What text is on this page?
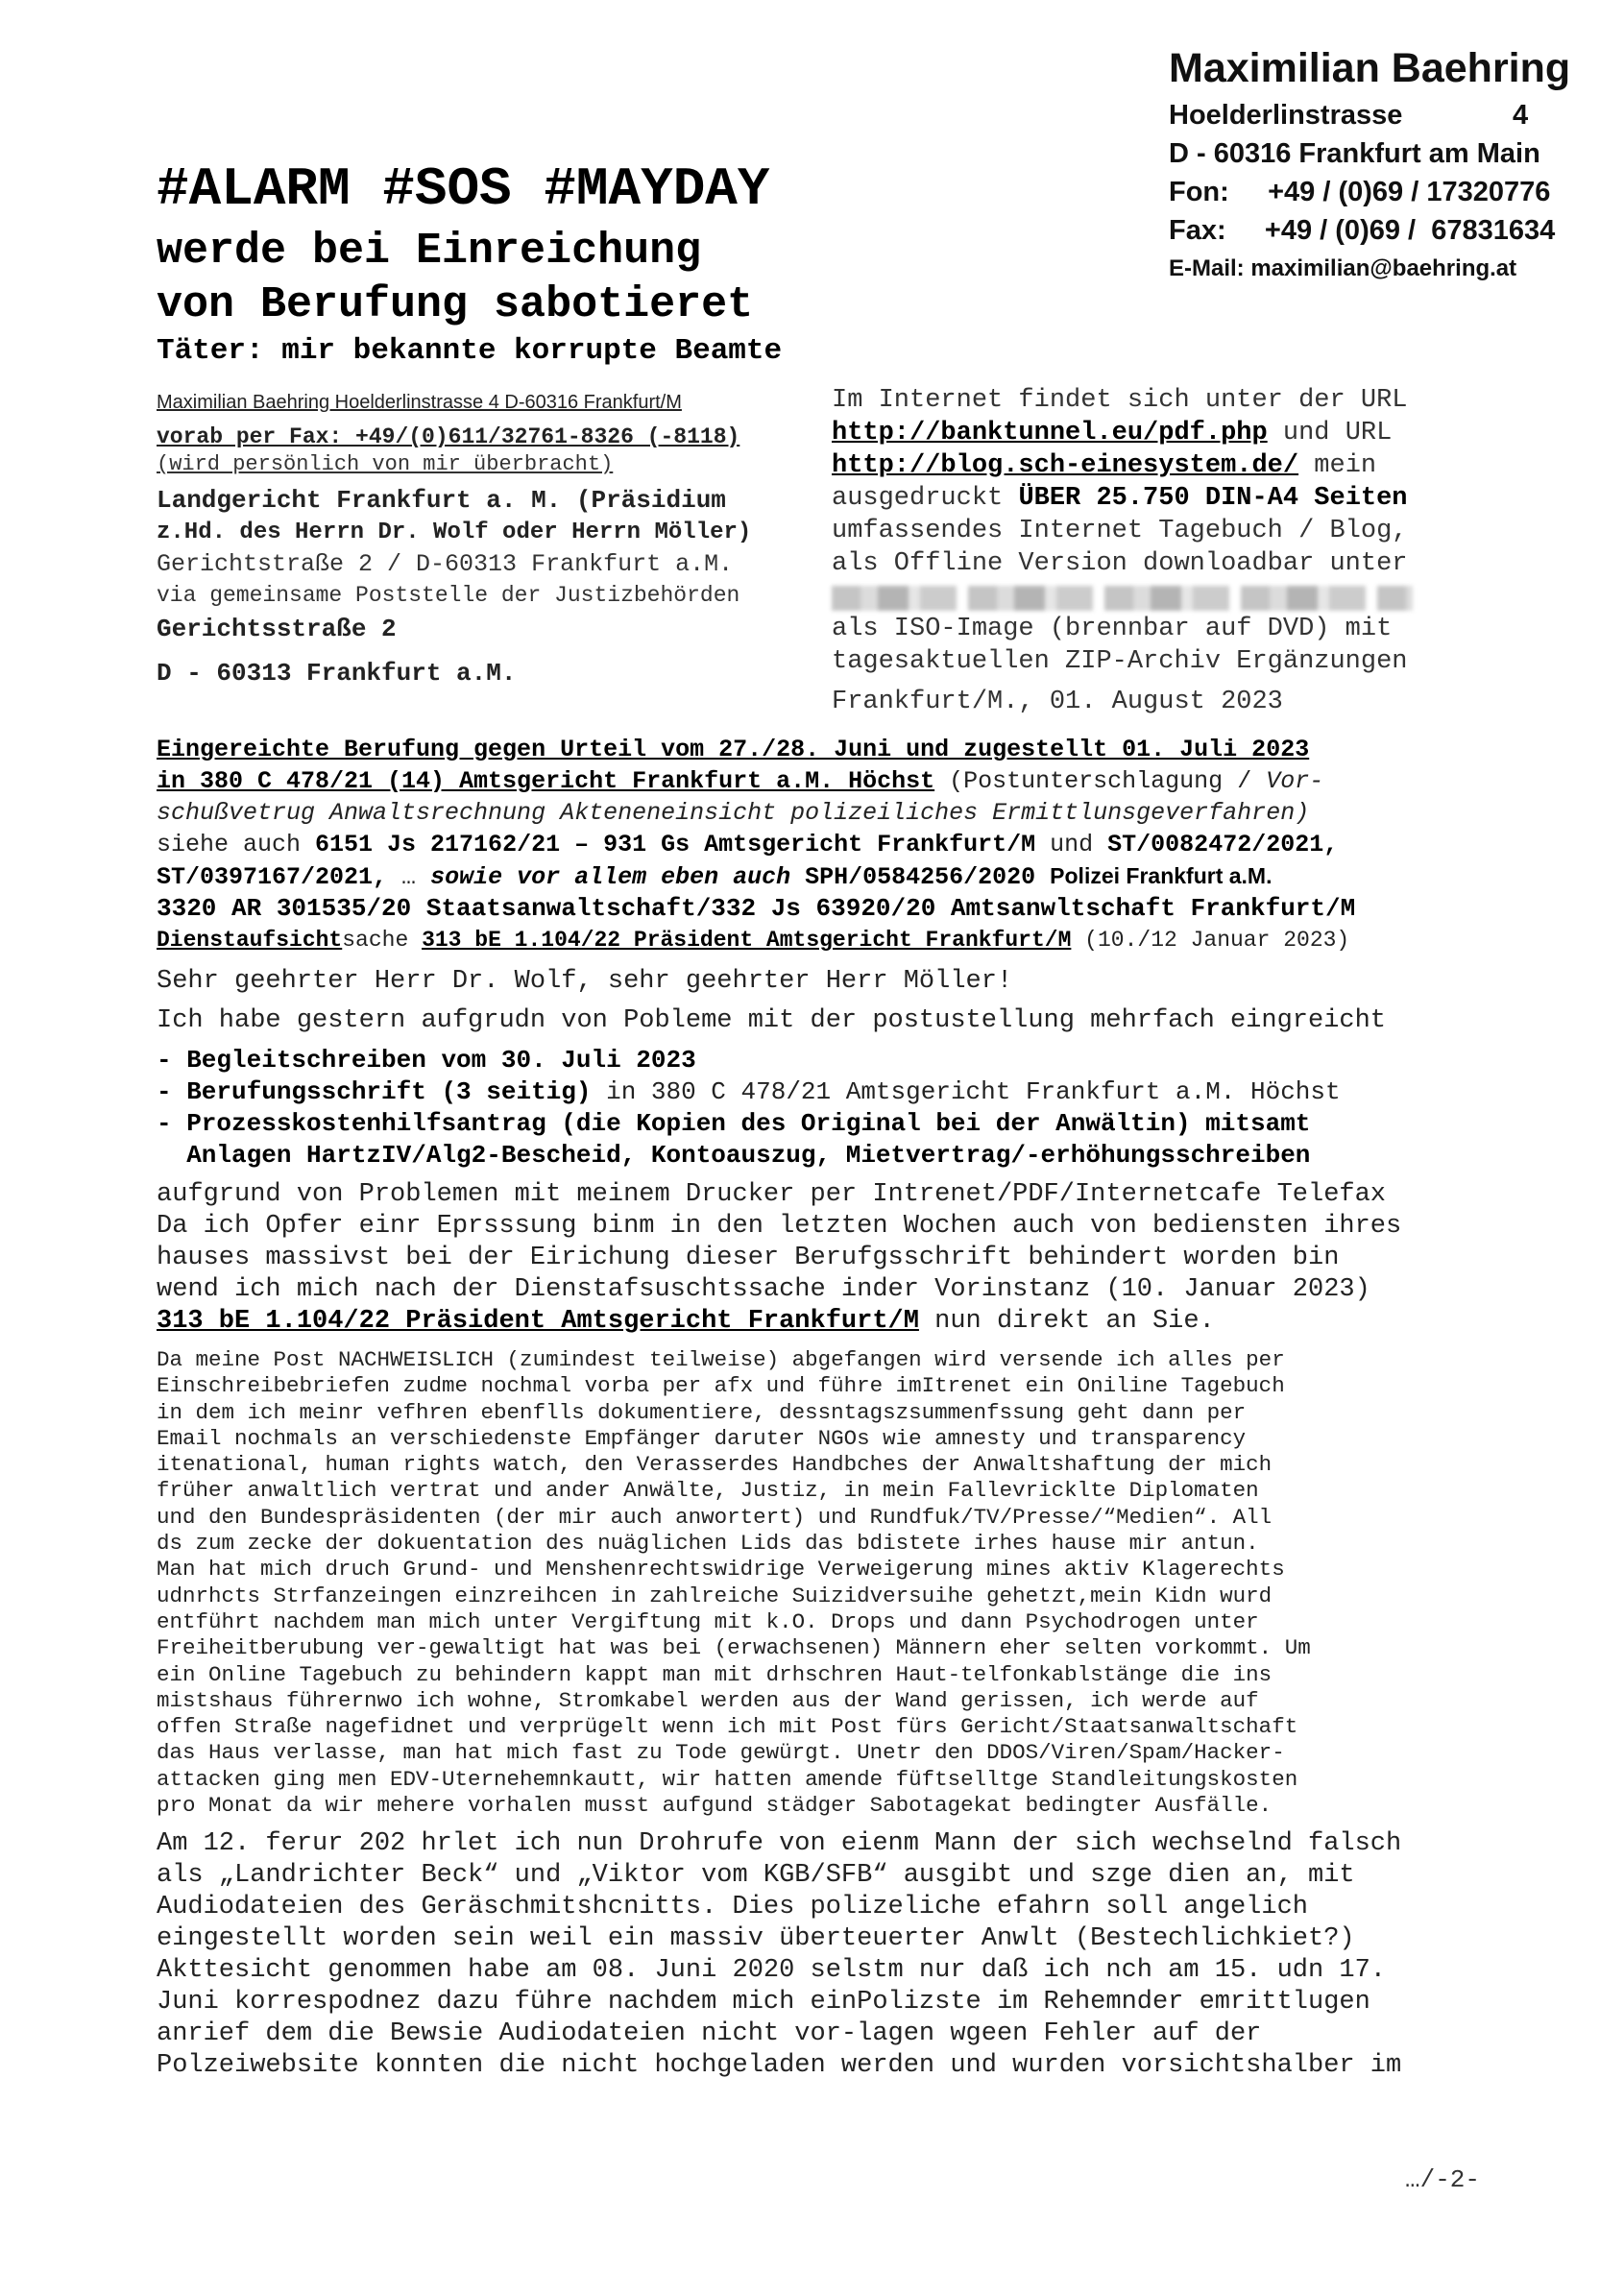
Maximilian Baehring
Hoelderlinstrasse	4
D - 60316 Frankfurt am Main
Fon:     +49 / (0)69 / 17320776
Fax:     +49 / (0)69 /  67831634
E-Mail: maximilian@baehring.at
#ALARM #SOS #MAYDAY
werde bei Einreichung
von Berufung sabotieret
Täter: mir bekannte korrupte Beamte
Maximilian Baehring Hoelderlinstrasse 4 D-60316 Frankfurt/M
vorab per Fax: +49/(0)611/32761-8326 (-8118)
(wird persönlich von mir überbracht)
Landgericht Frankfurt a. M. (Präsidium
z.Hd. des Herrn Dr. Wolf oder Herrn Möller)
Gerichtstraße 2 / D-60313 Frankfurt a.M.
via gemeinsame Poststelle der Justizbehörden
Gerichtsstraße 2
D - 60313 Frankfurt a.M.
Im Internet findet sich unter der URL
http://banktunnel.eu/pdf.php und URL
http://blog.sch-einesystem.de/ mein
ausgedruckt ÜBER 25.750 DIN-A4 Seiten
umfassendes Internet Tagebuch / Blog,
als Offline Version downloadbar unter
als ISO-Image (brennbar auf DVD) mit
tagesaktuellen ZIP-Archiv Ergänzungen
Frankfurt/M., 01. August 2023
Eingereichte Berufung gegen Urteil vom 27./28. Juni und zugestellt 01. Juli 2023
in 380 C 478/21 (14) Amtsgericht Frankfurt a.M. Höchst (Postunterschlagung / Vor-
schußvetrug Anwaltsrechnung Akteneneinsicht polizeiliches Ermittlunsgeverfahren)
siehe auch 6151 Js 217162/21 – 931 Gs Amtsgericht Frankfurt/M und ST/0082472/2021,
ST/0397167/2021, … sowie vor allem eben auch SPH/0584256/2020 Polizei Frankfurt a.M.
3320 AR 301535/20 Staatsanwaltschaft/332 Js 63920/20 Amtsanwltschaft Frankfurt/M
Dienstaufsichtsache 313 bE 1.104/22 Präsident Amtsgericht Frankfurt/M (10./12 Januar 2023)
Sehr geehrter Herr Dr. Wolf, sehr geehrter Herr Möller!
Ich habe gestern aufgrudn von Pobleme mit der postustellung mehrfach eingreicht
- Begleitschreiben vom 30. Juli 2023
- Berufungsschrift (3 seitig) in 380 C 478/21 Amtsgericht Frankfurt a.M. Höchst
- Prozesskostenhilfsantrag (die Kopien des Original bei der Anwältin) mitsamt
Anlagen HartzIV/Alg2-Bescheid, Kontoauszug, Mietvertrag/-erhöhungsschreiben
aufgrund von Problemen mit meinem Drucker per Intrenet/PDF/Internetcafe Telefax
Da ich Opfer einr Eprsssung binm in den letzten Wochen auch von bediensten ihres
hauses massivst bei der Eirichung dieser Berufgsschrift behindert worden bin
wend ich mich nach der Dienstafsuschtssache inder Vorinstanz (10. Januar 2023)
313 bE 1.104/22 Präsident Amtsgericht Frankfurt/M nun direkt an Sie.
Da meine Post NACHWEISLICH (zumindest teilweise) abgefangen wird versende ich alles per
Einschreibebriefen zudme nochmal vorba per afx und führe imItrenet ein Oniline Tagebuch
in dem ich meinr vefhren ebenflls dokumentiere, dessntagszsummenfssung geht dann per
Email nochmals an verschiedenste Empfänger daruter NGOs wie amnesty und transparency
itenational, human rights watch, den Verasserdes Handbches der Anwaltshaftung der mich
früher anwaltlich vertrat und ander Anwälte, Justiz, in mein Fallevricklte Diplomaten
und den Bundespräsidenten (der mir auch anwortert) und Rundfuk/TV/Presse/“Medien“. All
ds zum zecke der dokuentation des nuäglichen Lids das bdistete irhes hause mir antun.
Man hat mich druch Grund- und Menshenrechtswidrige Verweigerung mines aktiv Klagerechts
udnrhcts Strfanzeingen einzreihcen in zahlreiche Suizidversuihe gehetzt,mein Kidn wurd
entführt nachdem man mich unter Vergiftung mit k.O. Drops und dann Psychodrogen unter
Freiheitberubung ver-gewaltigt hat was bei (erwachsenen) Männern eher selten vorkommt. Um
ein Online Tagebuch zu behindern kappt man mit drhschren Haut-telfonkablstänge die ins
mistshaus führernwo ich wohne, Stromkabel werden aus der Wand gerissen, ich werde auf
offen Straße nagefidnet und verprügelt wenn ich mit Post fürs Gericht/Staatsanwaltschaft
das Haus verlasse, man hat mich fast zu Tode gewürgt. Unetr den DDOS/Viren/Spam/Hacker-
attacken ging men EDV-Uternehemnkautt, wir hatten amende füftselltge Standleitungskosten
pro Monat da wir mehere vorhalen musst aufgund städger Sabotagekat bedingter Ausfälle.
Am 12. ferur 202 hrlet ich nun Drohrufe von eienm Mann der sich wechselnd falsch
als „Landrichter Beck“ und „Viktor vom KGB/SFB“ ausgibt und szge dien an, mit
Audiodateien des Geräschmitshcnitts. Dies polizeliche efahrn soll angelich
eingestellt worden sein weil ein massiv überteuerter Anwlt (Bestechlichkiet?)
Akttesicht genommen habe am 08. Juni 2020 selstm nur daß ich nch am 15. udn 17.
Juni korrespodnez dazu führe nachdem mich einPolizste im Rehemnder emrittlugen
anrief dem die Bewsie Audiodateien nicht vor-lagen wgeen Fehler auf der
Polzeiwebsite konnten die nicht hochgeladen werden und wurden vorsichtshalber im
…/-2-
